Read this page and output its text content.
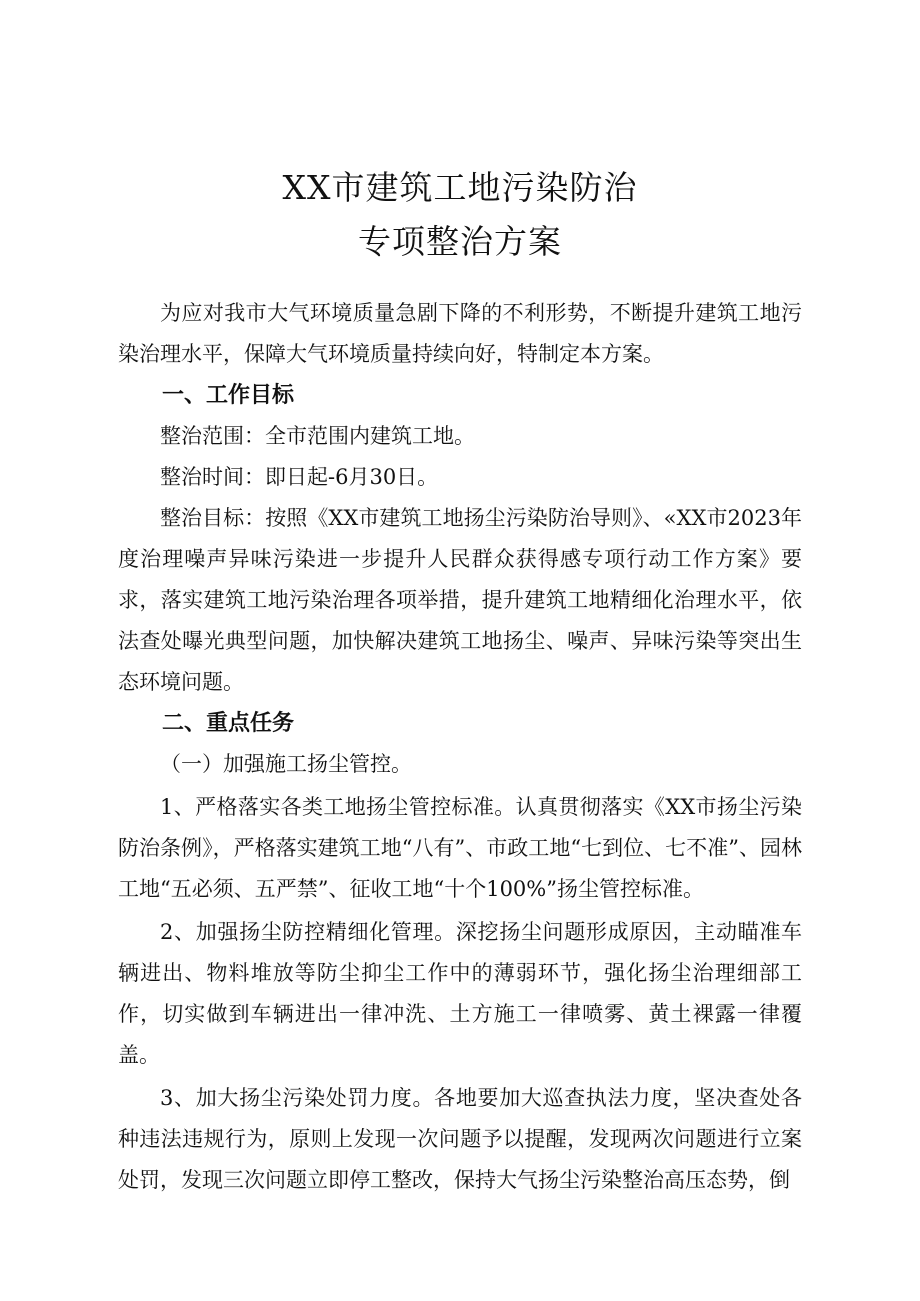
XX市建筑工地污染防治
专项整治方案

为应对我市大气环境质量急剧下降的不利形势，不断提升建筑工地污染治理水平，保障大气环境质量持续向好，特制定本方案。

一、工作目标

整治范围：全市范围内建筑工地。

整治时间：即日起-6月30日。

整治目标：按照《XX市建筑工地扬尘污染防治导则》、«XX市2023年度治理噪声异味污染进一步提升人民群众获得感专项行动工作方案》要求，落实建筑工地污染治理各项举措，提升建筑工地精细化治理水平，依法查处曝光典型问题，加快解决建筑工地扬尘、噪声、异味污染等突出生态环境问题。

二、重点任务

（一）加强施工扬尘管控。

1、严格落实各类工地扬尘管控标准。认真贯彻落实《XX市扬尘污染防治条例》，严格落实建筑工地“八有”、市政工地“七到位、七不准”、园林工地“五必须、五严禁”、征收工地“十个100%”扬尘管控标准。

2、加强扬尘防控精细化管理。深挖扬尘问题形成原因，主动瞄准车辆进出、物料堆放等防尘抑尘工作中的薄弱环节，强化扬尘治理细部工作，切实做到车辆进出一律冲洗、土方施工一律喷雾、黄土裸露一律覆盖。

3、加大扬尘污染处罚力度。各地要加大巡查执法力度，坚决查处各种违法违规行为，原则上发现一次问题予以提醒，发现两次问题进行立案处罚，发现三次问题立即停工整改，保持大气扬尘污染整治高压态势，倒
